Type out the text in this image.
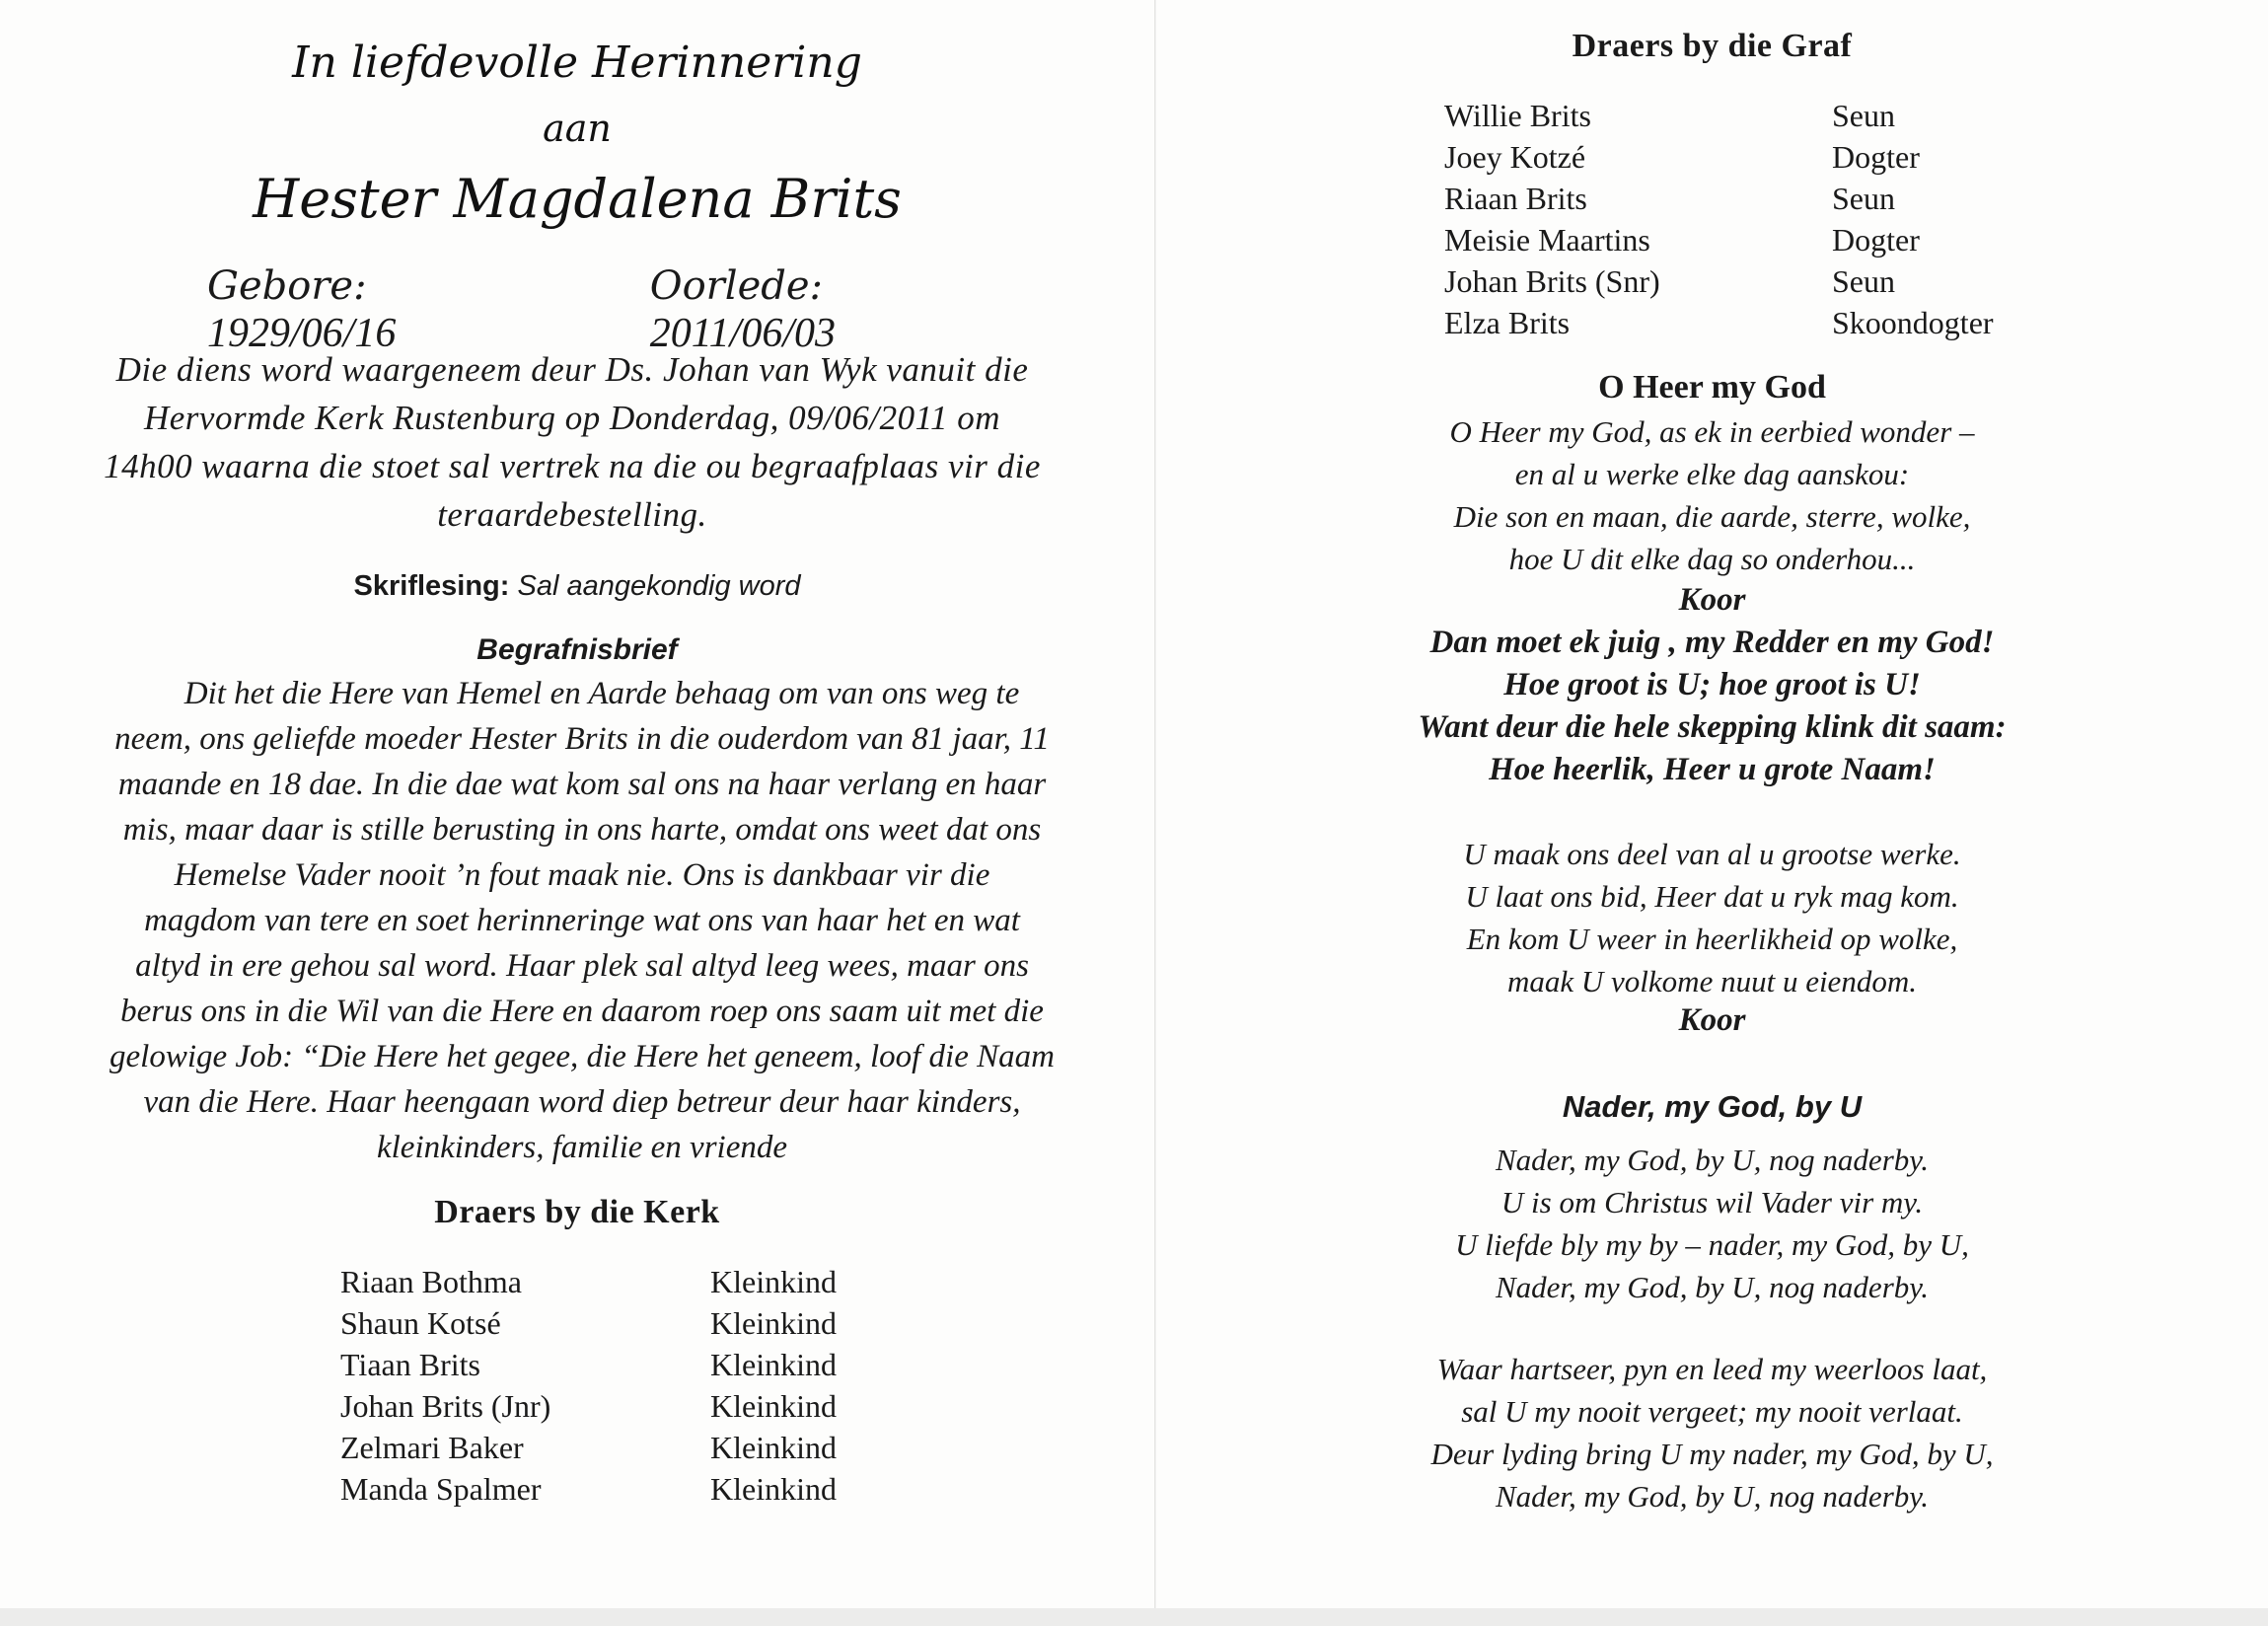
In liefdevolle Herinnering
aan
Hester Magdalena Brits
Gebore: 1929/06/16
Oorlede: 2011/06/03
Die diens word waargeneem deur Ds. Johan van Wyk vanuit die
Hervormde Kerk Rustenburg op Donderdag, 09/06/2011 om
14h00 waarna die stoet sal vertrek na die ou begraafplaas vir die
teraardebestelling.
Skriflesing: Sal aangekondig word
Begrafnisbrief
Dit het die Here van Hemel en Aarde behaag om van ons weg te
neem, ons geliefde moeder Hester Brits in die ouderdom van 81 jaar, 11
maande en 18 dae. In die dae wat kom sal ons na haar verlang en haar
mis, maar daar is stille berusting in ons harte, omdat ons weet dat ons
Hemelse Vader nooit ’n fout maak nie. Ons is dankbaar vir die
magdom van tere en soet herinneringe wat ons van haar het en wat
altyd in ere gehou sal word. Haar plek sal altyd leeg wees, maar ons
berus ons in die Wil van die Here en daarom roep ons saam uit met die
gelowige Job: “Die Here het gegee, die Here het geneem, loof die Naam
van die Here. Haar heengaan word diep betreur deur haar kinders,
kleinkinders, familie en vriende
Draers by die Kerk
Riaan Bothma	Kleinkind
Shaun Kotsé	Kleinkind
Tiaan Brits	Kleinkind
Johan Brits (Jnr)	Kleinkind
Zelmari Baker	Kleinkind
Manda Spalmer	Kleinkind
Draers by die Graf
Willie Brits	Seun
Joey Kotzé	Dogter
Riaan Brits	Seun
Meisie Maartins	Dogter
Johan Brits (Snr)	Seun
Elza Brits	Skoondogter
O Heer my God
O Heer my God, as ek in eerbied wonder –
en al u werke elke dag aanskou:
Die son en maan, die aarde, sterre, wolke,
hoe U dit elke dag so onderhou...
Koor
Dan moet ek juig , my Redder en my God!
Hoe groot is U; hoe groot is U!
Want deur die hele skepping klink dit saam:
Hoe heerlik, Heer u grote Naam!
U maak ons deel van al u grootse werke.
U laat ons bid, Heer dat u ryk mag kom.
En kom U weer in heerlikheid op wolke,
maak U volkome nuut u eiendom.
Koor
Nader, my God, by U
Nader, my God, by U, nog naderby.
U is om Christus wil Vader vir my.
U liefde bly my by – nader, my God, by U,
Nader, my God, by U, nog naderby.
Waar hartseer, pyn en leed my weerloos laat,
sal U my nooit vergeet; my nooit verlaat.
Deur lyding bring U my nader, my God, by U,
Nader, my God, by U, nog naderby.
